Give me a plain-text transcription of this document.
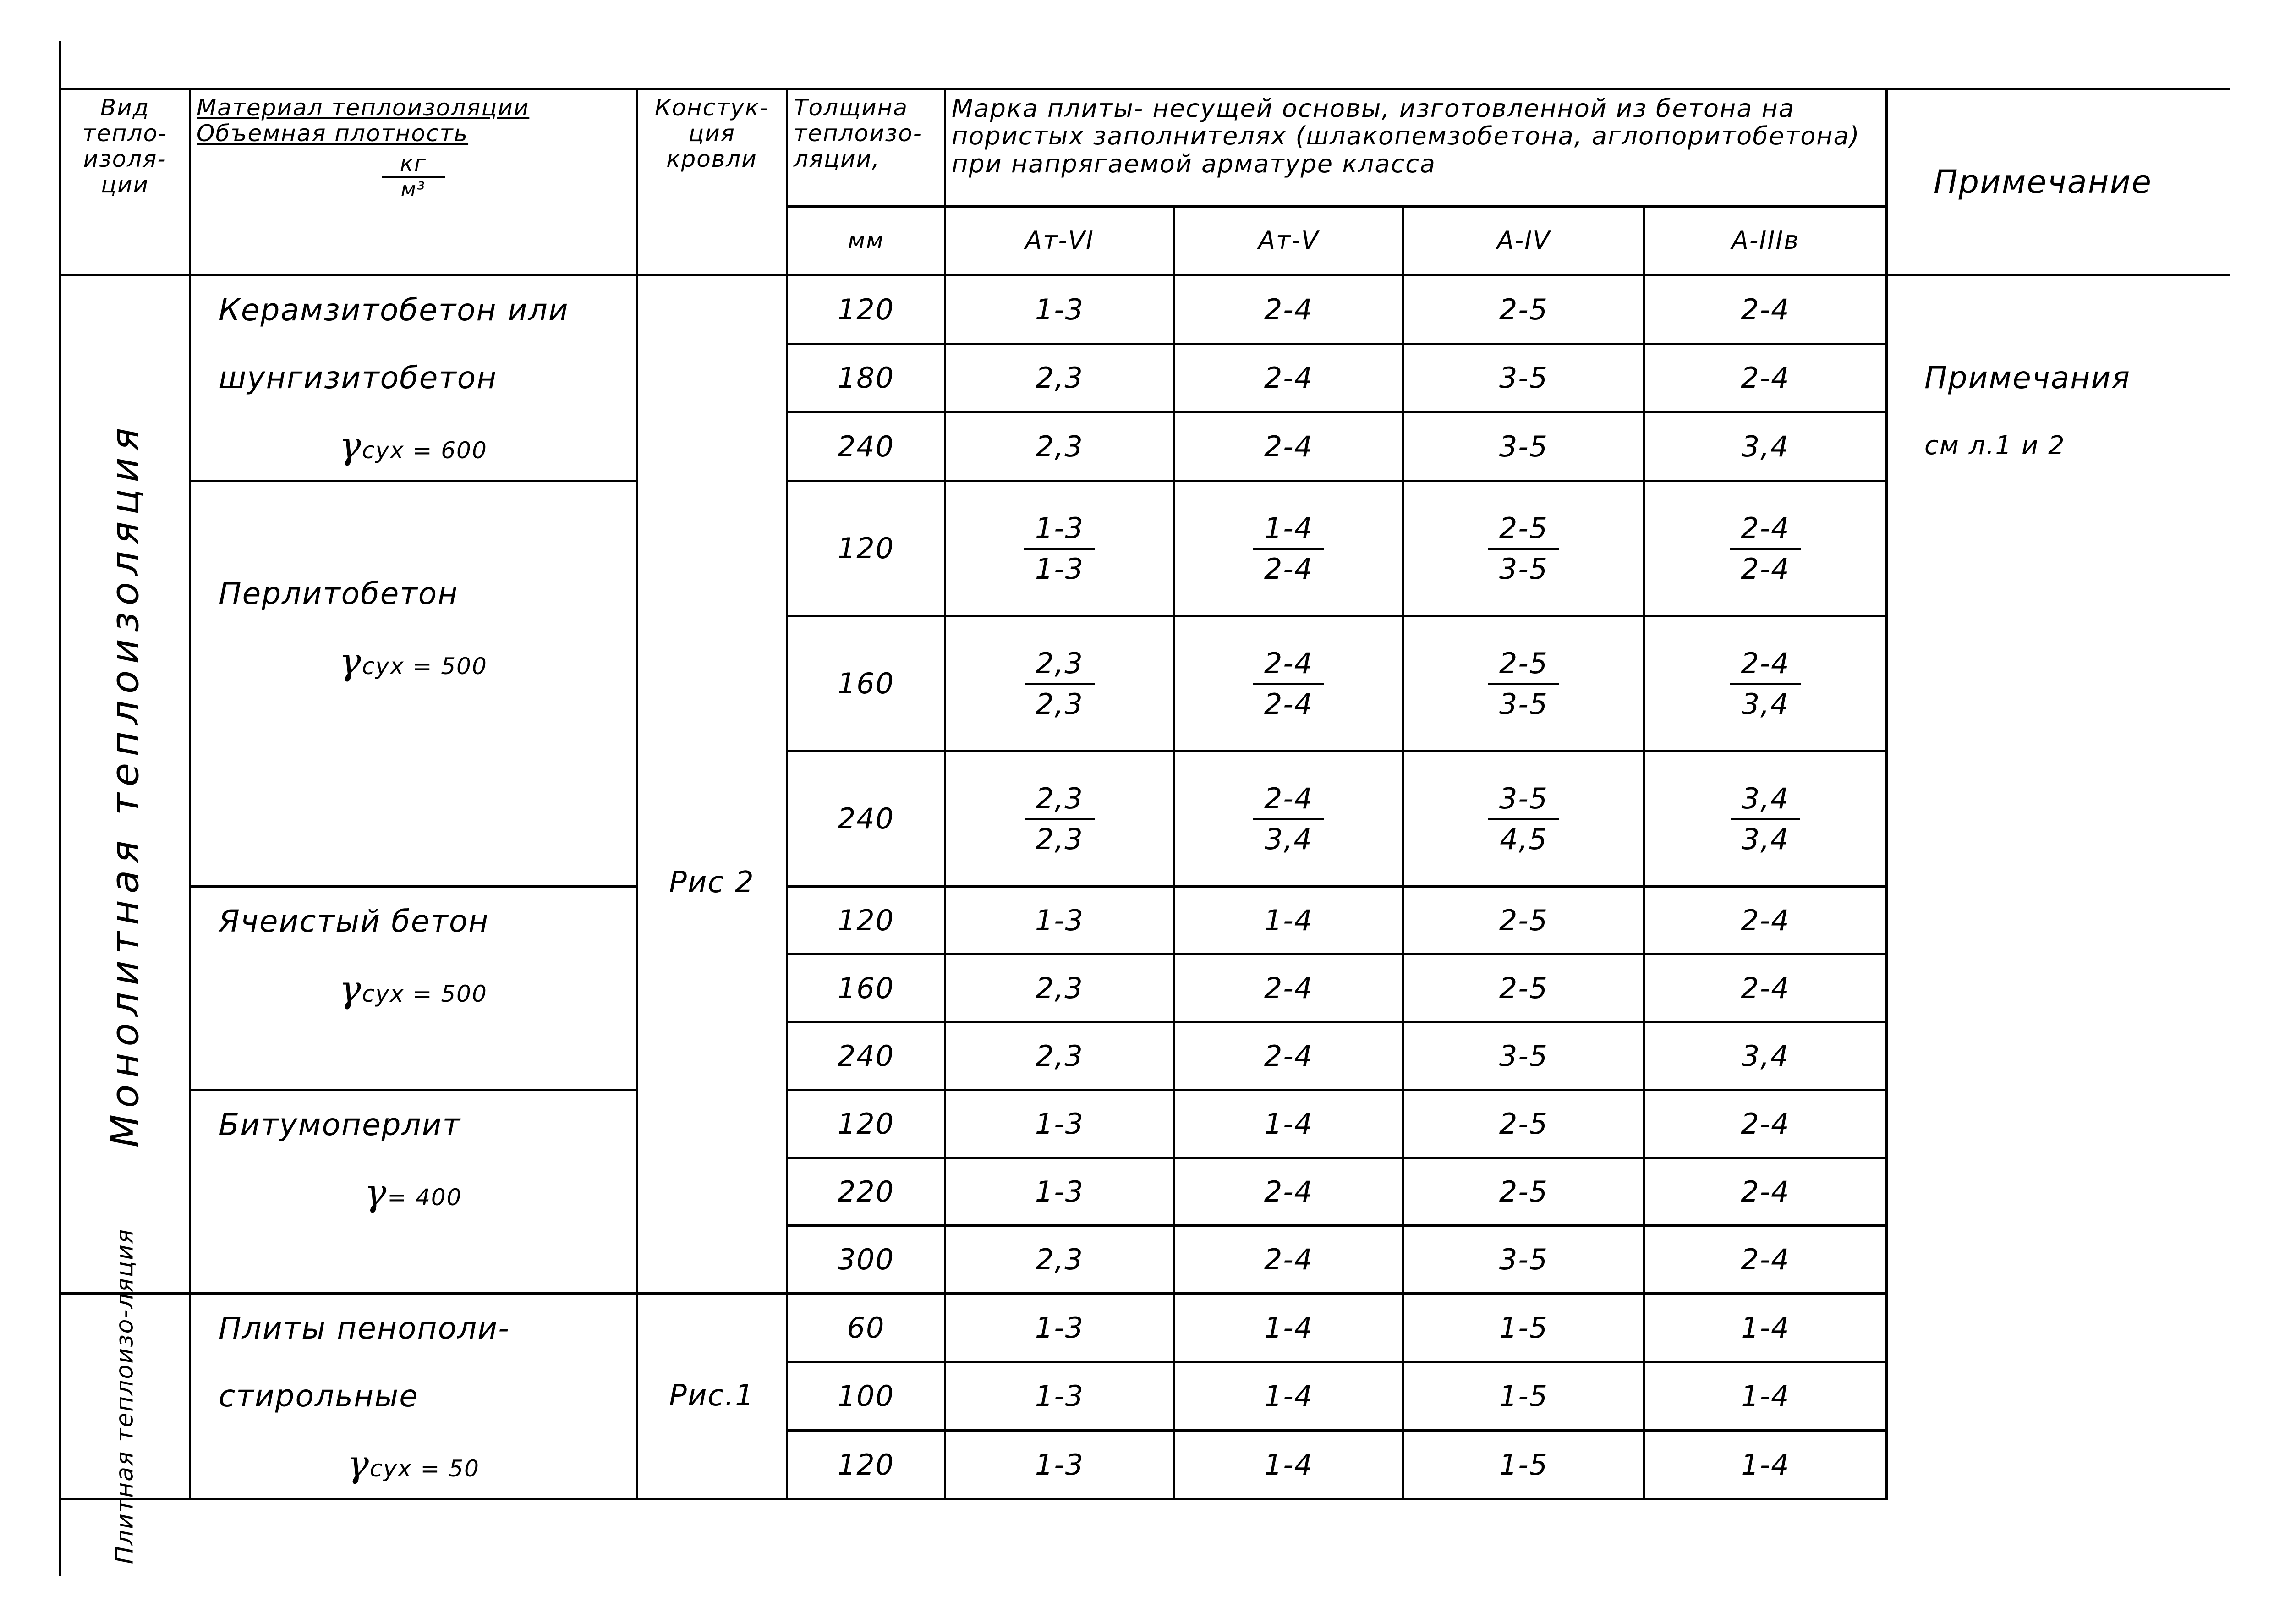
Вид тепло-изоля-ции	Материал теплоизоляции
Объемная плотность
$\frac{кг}{\text{м³}}$	Констук-ция кровли	Толщина теплоизо-ляции,	Марка плиты- несущей основы, изготовленной из бетона на пористых заполнителях (шлакопемзобетона, аглопоритобетона) при напрягаемой арматуре класса				Примечание
			мм	Ат-VI	Ат-V	А-IV	А-IIIв	

Монолитная теплоизоляция	Керамзитобетон или
шунгизитобетон
γсух = 600	Рис 2	120	1-3	2-4	2-5	2-4	Примечания
см л.1 и 2

			180	2,3	2-4	3-5	2-4	
			240	2,3	2-4	3-5	3,4	

	Перлитобетон
γсух = 500		120	$\frac{1-3}{1-3}$	$\frac{1-4}{2-4}$	$\frac{2-5}{3-5}$	$\frac{2-4}{2-4}$

			160	$\frac{2,3}{2,3}$	$\frac{2-4}{2-4}$	$\frac{2-5}{3-5}$	$\frac{2-4}{3,4}$

			240	$\frac{2,3}{2,3}$	$\frac{2-4}{3,4}$	$\frac{3-5}{4,5}$	$\frac{3,4}{3,4}$

	Ячеистый бетон
γсух = 500		120	1-3	1-4	2-5	2-4	
			160	2,3	2-4	2-5	2-4	
			240	2,3	2-4	3-5	3,4	

	Битумоперлит
γ= 400		120	1-3	1-4	2-5	2-4	
			220	1-3	2-4	2-5	2-4	
			300	2,3	2-4	3-5	2-4	

Плитная теплоизо-ляция	Плиты пенополи-
стирольные
γсух = 50	Рис.1	60	1-3	1-4	1-5	1-4	
			100	1-3	1-4	1-5	1-4	
			120	1-3	1-4	1-5	1-4	
